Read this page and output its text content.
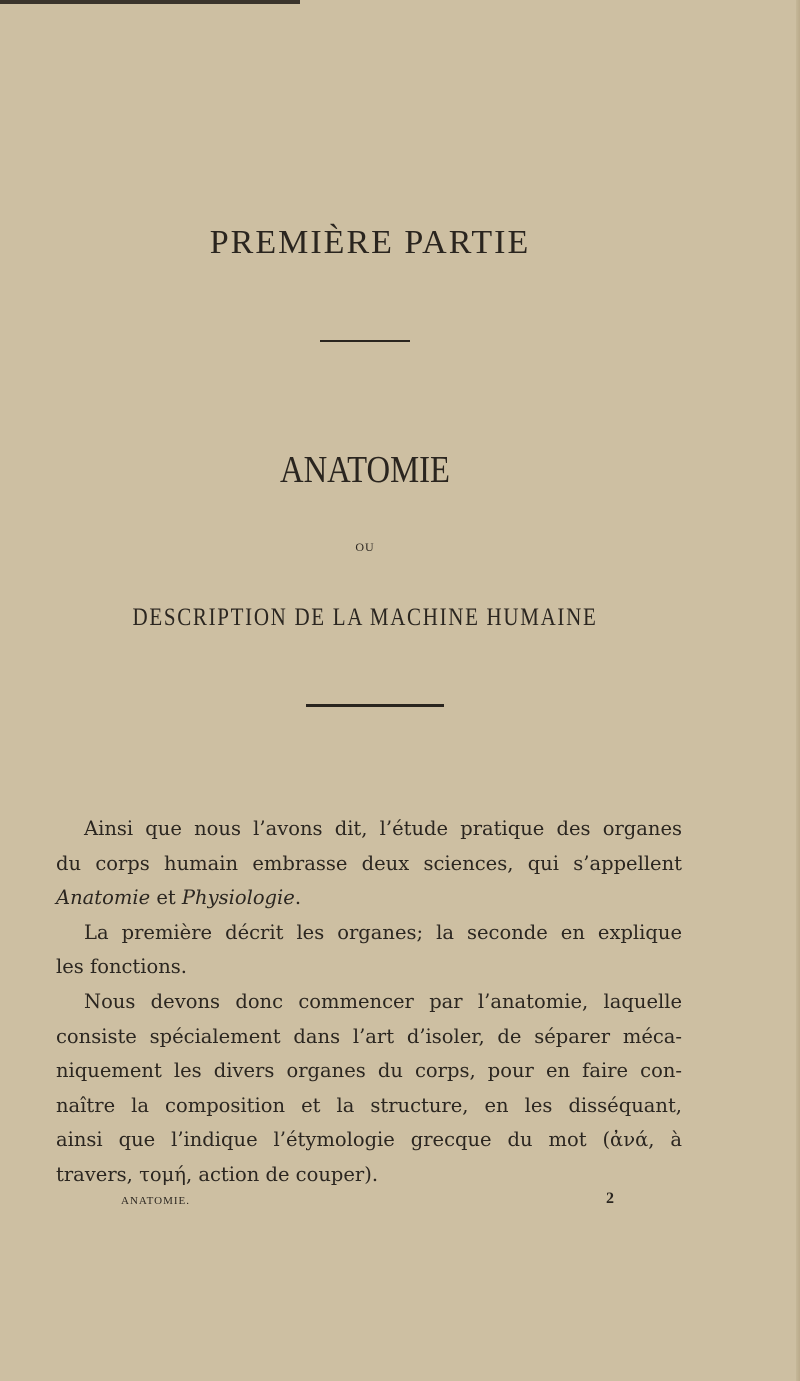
PREMIÈRE PARTIE
ANATOMIE
OU
DESCRIPTION DE LA MACHINE HUMAINE
Ainsi que nous l’avons dit, l’étude pratique des organes
du corps humain embrasse deux sciences, qui s’appellent
Anatomie et Physiologie.
La première décrit les organes; la seconde en explique
les fonctions.
Nous devons donc commencer par l’anatomie, laquelle
consiste spécialement dans l’art d’isoler, de séparer méca-
niquement les divers organes du corps, pour en faire con-
naître la composition et la structure, en les disséquant,
ainsi que l’indique l’étymologie grecque du mot (ἀνά, à
travers, τομή, action de couper).
ANATOMIE.	2
